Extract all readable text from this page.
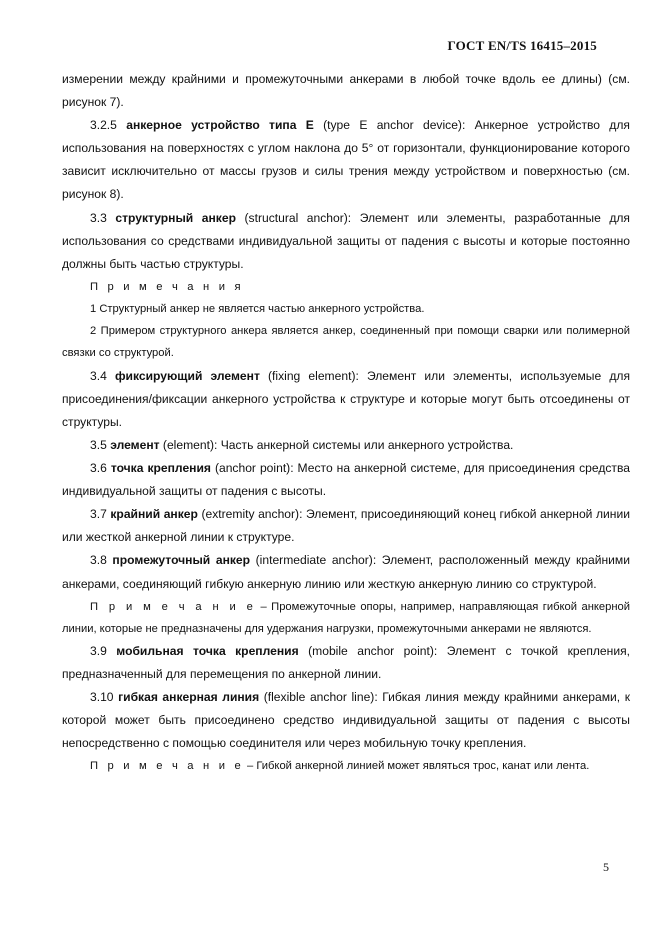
ГОСТ EN/TS 16415–2015

измерении между крайними и промежуточными анкерами в любой точке вдоль ее длины) (см. рисунок 7).

3.2.5 анкерное устройство типа E (type E anchor device): Анкерное устройство для использования на поверхностях с углом наклона до 5° от горизонтали, функционирование которого зависит исключительно от массы грузов и силы трения между устройством и поверхностью (см. рисунок 8).

3.3 структурный анкер (structural anchor): Элемент или элементы, разработанные для использования со средствами индивидуальной защиты от падения с высоты и которые постоянно должны быть частью структуры.

П р и м е ч а н и я

1 Структурный анкер не является частью анкерного устройства.

2 Примером структурного анкера является анкер, соединенный при помощи сварки или полимерной связки со структурой.

3.4 фиксирующий элемент (fixing element): Элемент или элементы, используемые для присоединения/фиксации анкерного устройства к структуре и которые могут быть отсоединены от структуры.

3.5 элемент (element): Часть анкерной системы или анкерного устройства.

3.6 точка крепления (anchor point): Место на анкерной системе, для присоединения средства индивидуальной защиты от падения с высоты.

3.7 крайний анкер (extremity anchor): Элемент, присоединяющий конец гибкой анкерной линии или жесткой анкерной линии к структуре.

3.8 промежуточный анкер (intermediate anchor): Элемент, расположенный между крайними анкерами, соединяющий гибкую анкерную линию или жесткую анкерную линию со структурой.

П р и м е ч а н и е – Промежуточные опоры, например, направляющая гибкой анкерной линии, которые не предназначены для удержания нагрузки, промежуточными анкерами не являются.

3.9 мобильная точка крепления (mobile anchor point): Элемент с точкой крепления, предназначенный для перемещения по анкерной линии.

3.10 гибкая анкерная линия (flexible anchor line): Гибкая линия между крайними анкерами, к которой может быть присоединено средство индивидуальной защиты от падения с высоты непосредственно с помощью соединителя или через мобильную точку крепления.

П р и м е ч а н и е – Гибкой анкерной линией может являться трос, канат или лента.

5
